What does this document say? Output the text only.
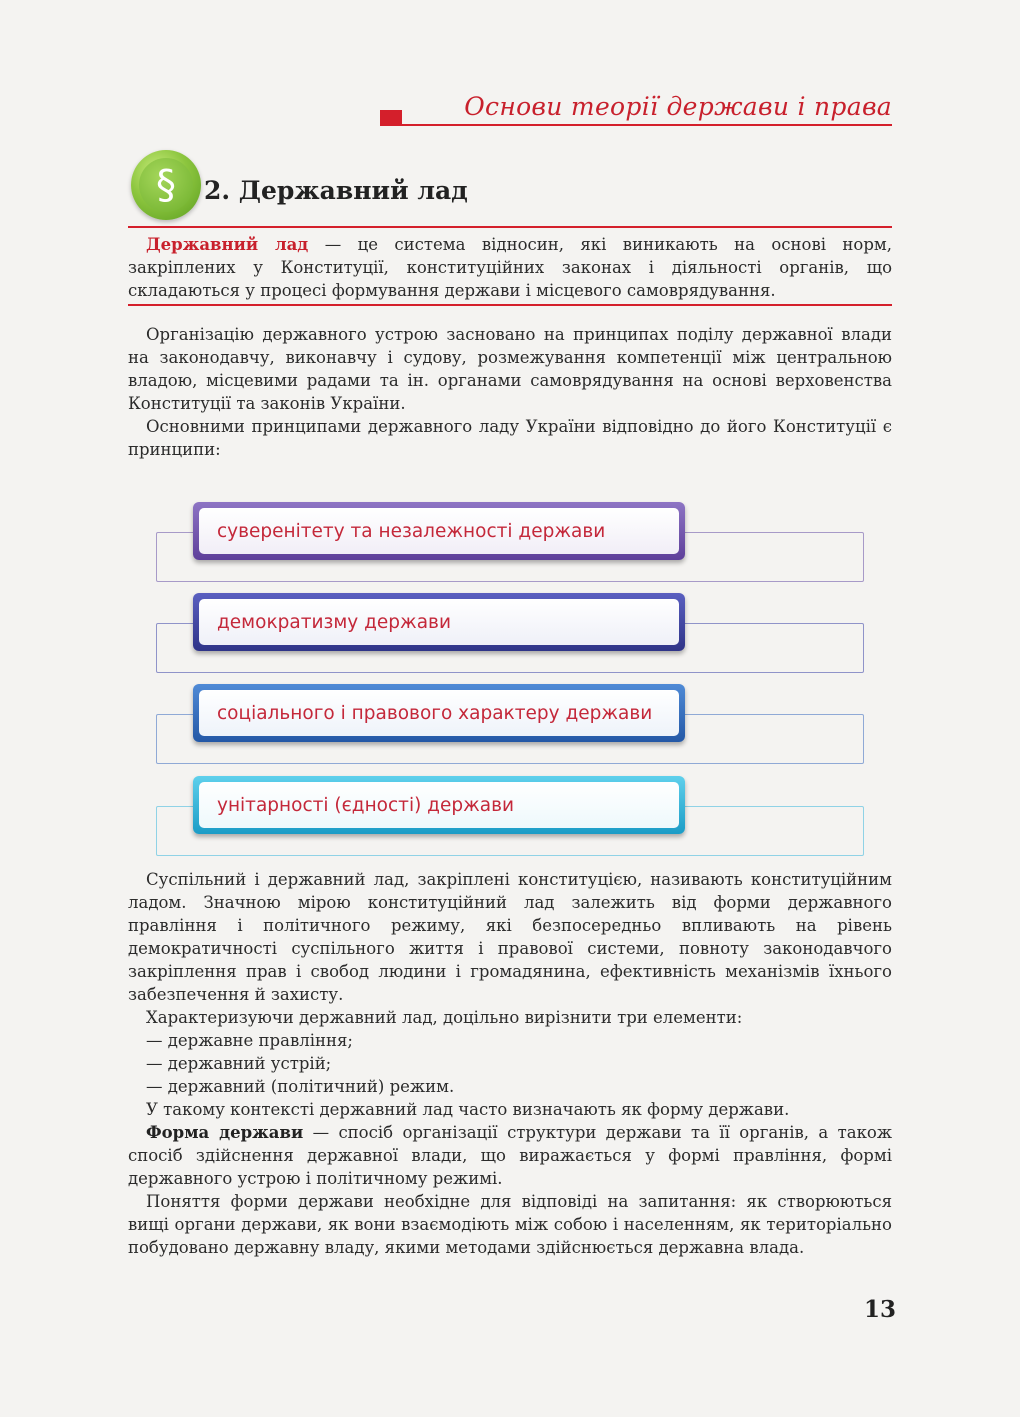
Основи теорії держави і права
§	2. Державний лад

Державний лад — це система відносин, які виникають на основі норм, закріплених у Конституції, конституційних законах і діяльності органів, що складаються у процесі формування держави і місцевого самоврядування.

Організацію державного устрою засновано на принципах поділу державної влади на законодавчу, виконавчу і судову, розмежування компетенції між центральною владою, місцевими радами та ін. органами самоврядування на основі верховенства Конституції та законів України.

Основними принципами державного ладу України відповідно до його Конституції є принципи:

суверенітету та незалежності держави
демократизму держави
соціального і правового характеру держави
унітарності (єдності) держави

Суспільний і державний лад, закріплені конституцією, називають конституційним ладом. Значною мірою конституційний лад залежить від форми державного правління і політичного режиму, які безпосередньо впливають на рівень демократичності суспільного життя і правової системи, повноту законодавчого закріплення прав і свобод людини і громадянина, ефективність механізмів їхнього забезпечення й захисту.

Характеризуючи державний лад, доцільно вирізнити три елементи:

— державне правління;
— державний устрій;
— державний (політичний) режим.

У такому контексті державний лад часто визначають як форму держави.

Форма держави — спосіб організації структури держави та її органів, а також спосіб здійснення державної влади, що виражається у формі правління, формі державного устрою і політичному режимі.

Поняття форми держави необхідне для відповіді на запитання: як створюються вищі органи держави, як вони взаємодіють між собою і населенням, як територіально побудовано державну владу, якими методами здійснюється державна влада.

13
